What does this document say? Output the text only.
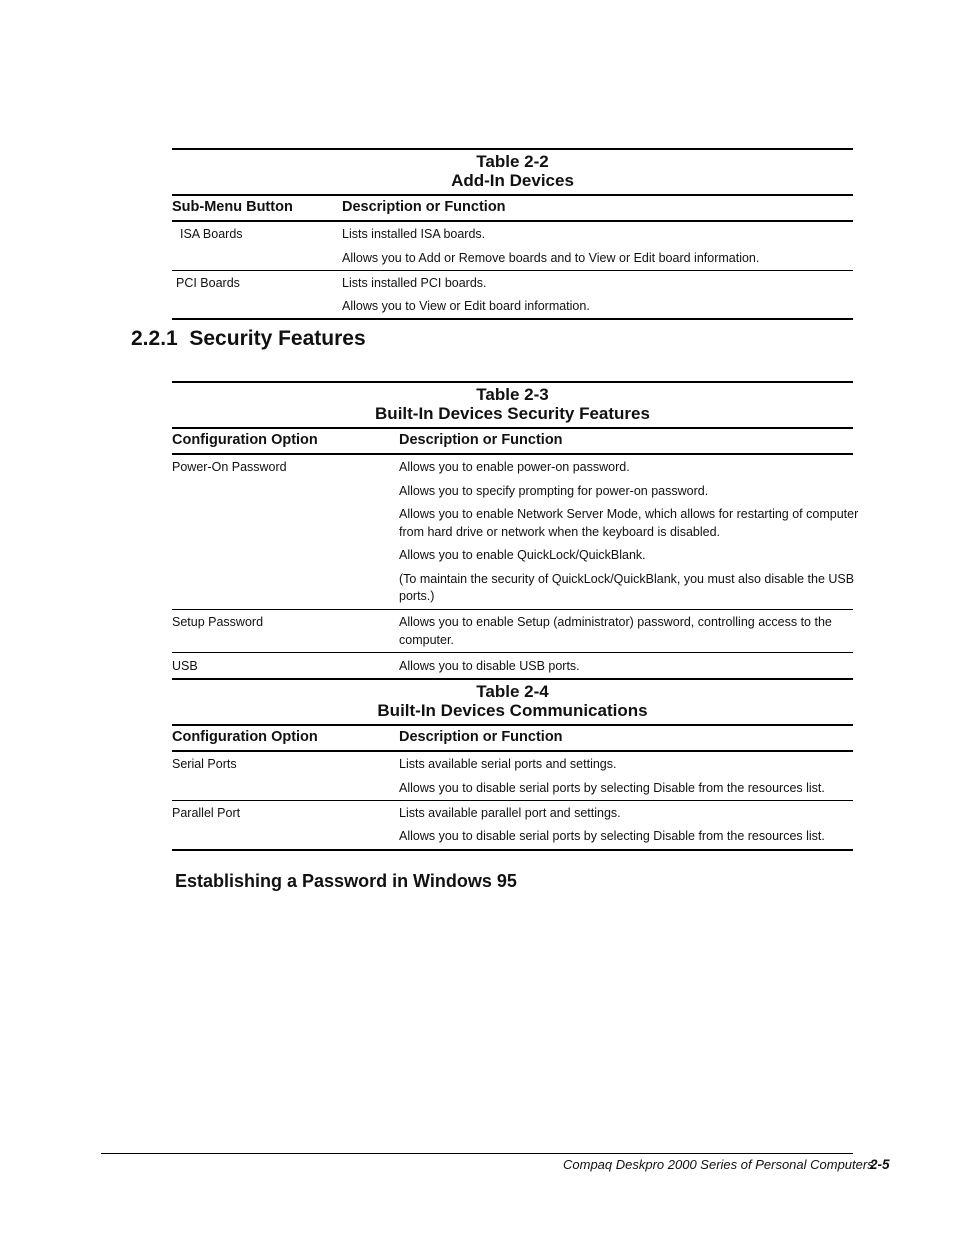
Table 2-2
Add-In Devices
Sub-Menu Button	Description or Function
ISA Boards	Lists installed ISA boards.
Allows you to Add or Remove boards and to View or Edit board information.
PCI Boards	Lists installed PCI boards.
Allows you to View or Edit board information.
2.2.1  Security Features
Table 2-3
Built-In Devices Security Features
Configuration Option	Description or Function
Power-On Password	Allows you to enable power-on password.
Allows you to specify prompting for power-on password.
Allows you to enable Network Server Mode, which allows for restarting of computer
from hard drive or network when the keyboard is disabled.
Allows you to enable QuickLock/QuickBlank.
(To maintain the security of QuickLock/QuickBlank, you must also disable the USB
ports.)
Setup Password	Allows you to enable Setup (administrator) password, controlling access to the
computer.
USB	Allows you to disable USB ports.
Table 2-4
Built-In Devices Communications
Configuration Option	Description or Function
Serial Ports	Lists available serial ports and settings.
Allows you to disable serial ports by selecting Disable from the resources list.
Parallel Port	Lists available parallel port and settings.
Allows you to disable serial ports by selecting Disable from the resources list.
Establishing a Password in Windows 95
Compaq Deskpro 2000 Series of Personal Computers
2-5
